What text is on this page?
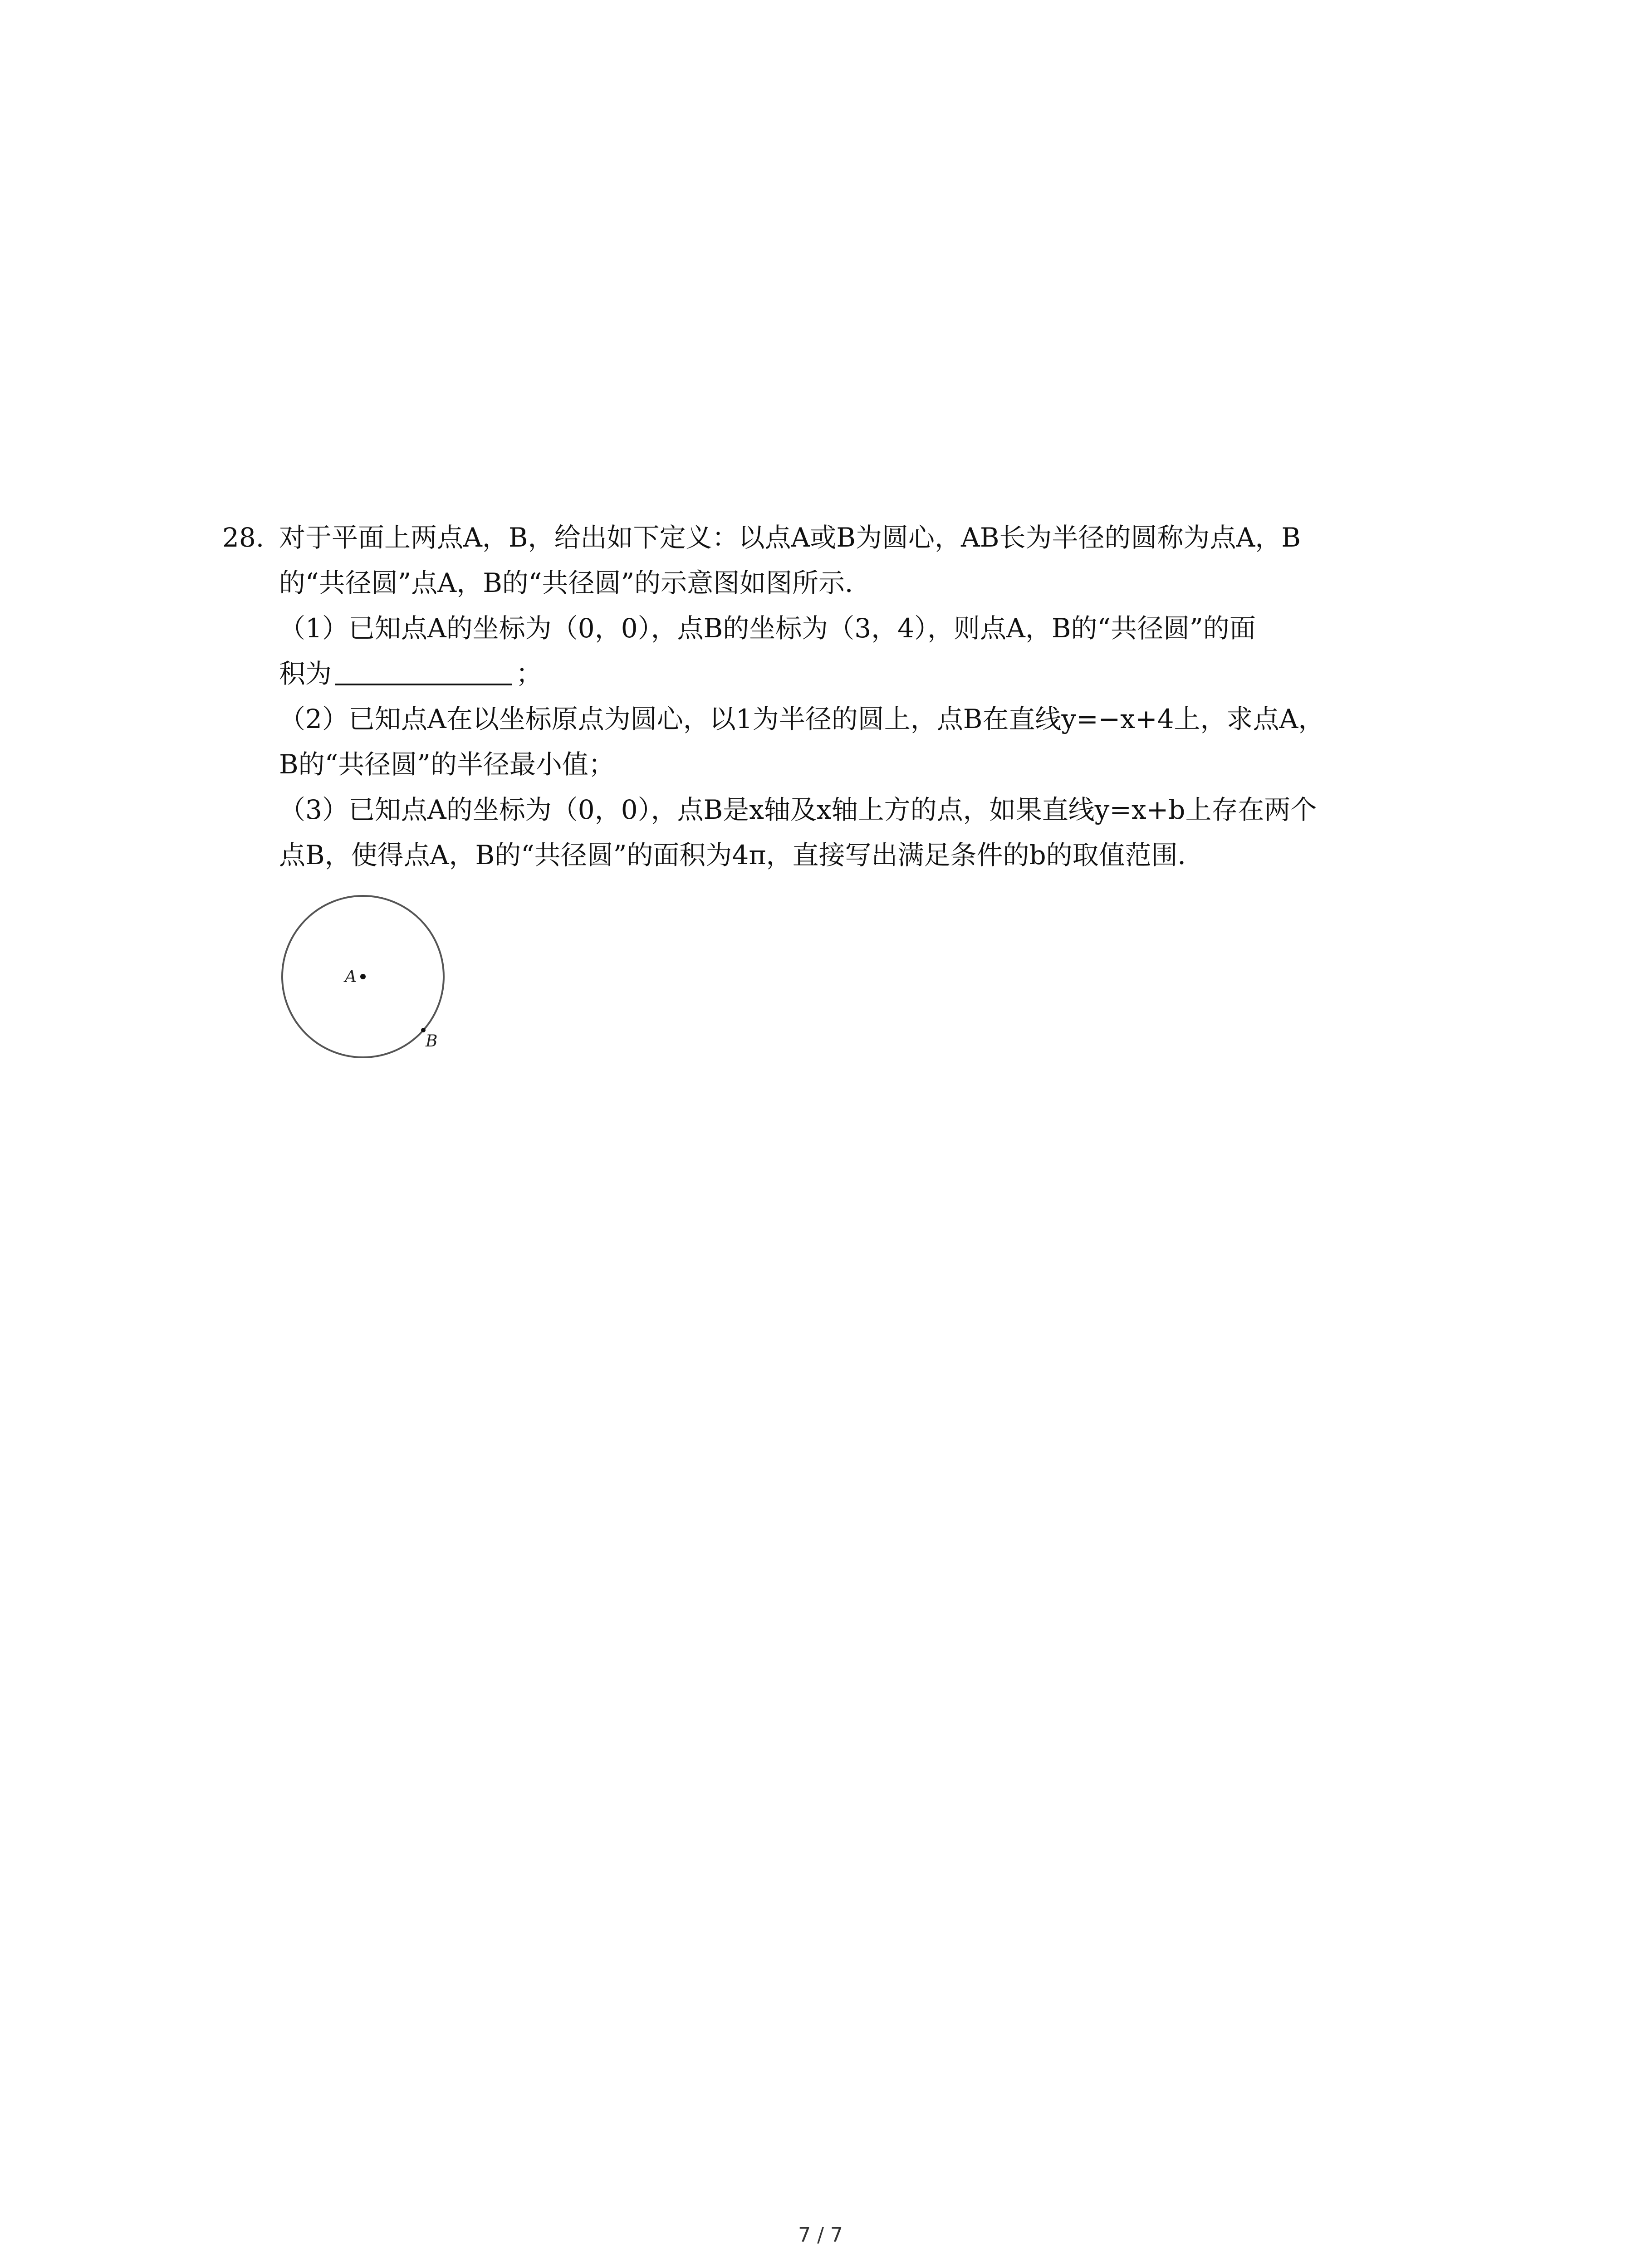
28. 对于平面上两点A，B，给出如下定义：以点A或B为圆心，AB长为半径的圆称为点A，B
的“共径圆”点A，B的“共径圆”的示意图如图所示．
（1）已知点A的坐标为（0，0），点B的坐标为（3，4），则点A，B的“共径圆”的面
积为	；
（2）已知点A在以坐标原点为圆心，以1为半径的圆上，点B在直线y=−x+4上，求点A，
B的“共径圆”的半径最小值；
（3）已知点A的坐标为（0，0），点B是x轴及x轴上方的点，如果直线y=x+b上存在两个
点B，使得点A，B的“共径圆”的面积为4π，直接写出满足条件的b的取值范围．
A
B
7 / 7
